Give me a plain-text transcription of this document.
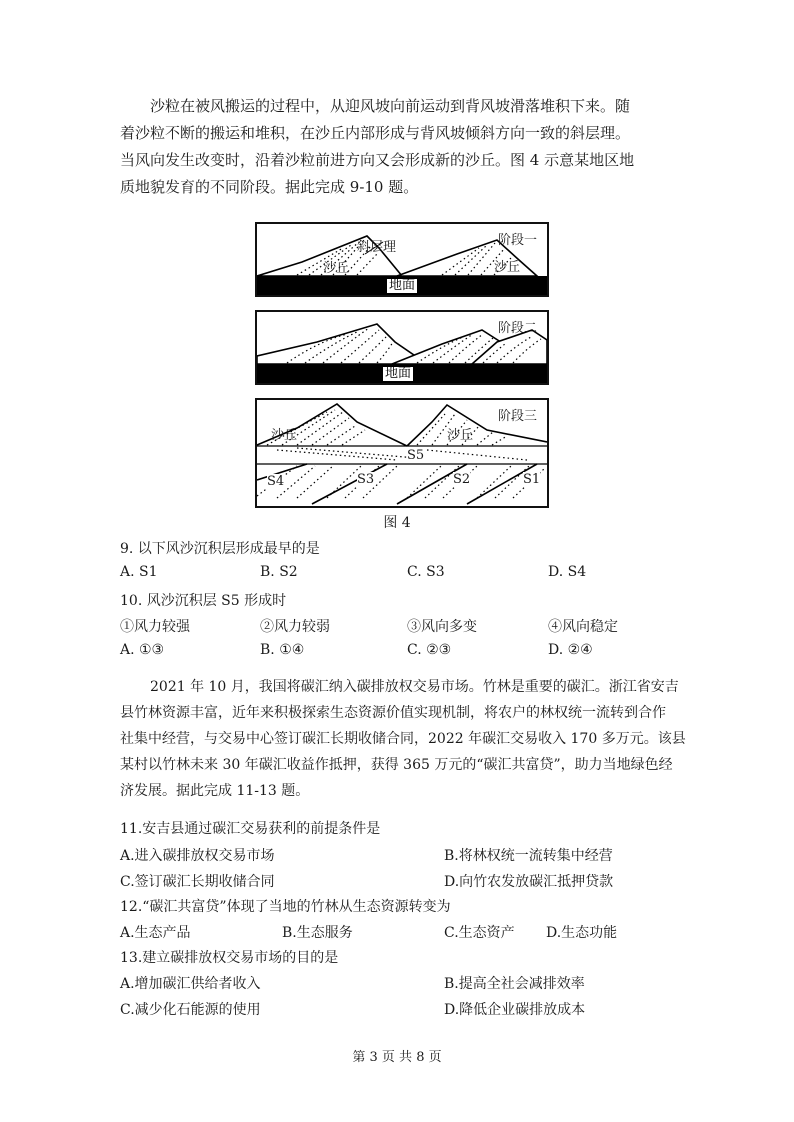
沙粒在被风搬运的过程中，从迎风坡向前运动到背风坡滑落堆积下来。随
着沙粒不断的搬运和堆积，在沙丘内部形成与背风坡倾斜方向一致的斜层理。
当风向发生改变时，沿着沙粒前进方向又会形成新的沙丘。图 4 示意某地区地
质地貌发育的不同阶段。据此完成 9-10 题。

阶段一
斜层理
沙丘	沙丘
地面
阶段二
地面
阶段三
沙丘	沙丘
S5
S4	S3	S2	S1
图 4
9. 以下风沙沉积层形成最早的是
A. S1	B. S2	C. S3	D. S4
10. 风沙沉积层 S5 形成时
①风力较强	②风力较弱	③风向多变	④风向稳定
A. ①③	B. ①④	C. ②③	D. ②④

2021 年 10 月，我国将碳汇纳入碳排放权交易市场。竹林是重要的碳汇。浙江省安吉
县竹林资源丰富，近年来积极探索生态资源价值实现机制，将农户的林权统一流转到合作
社集中经营，与交易中心签订碳汇长期收储合同，2022 年碳汇交易收入 170 多万元。该县
某村以竹林未来 30 年碳汇收益作抵押，获得 365 万元的“碳汇共富贷”，助力当地绿色经
济发展。据此完成 11-13 题。

11.安吉县通过碳汇交易获利的前提条件是
A.进入碳排放权交易市场	B.将林权统一流转集中经营
C.签订碳汇长期收储合同	D.向竹农发放碳汇抵押贷款
12.“碳汇共富贷”体现了当地的竹林从生态资源转变为
A.生态产品	B.生态服务	C.生态资产 D.生态功能
13.建立碳排放权交易市场的目的是
A.增加碳汇供给者收入	B.提高全社会减排效率
C.减少化石能源的使用	D.降低企业碳排放成本
第 3 页 共 8 页
